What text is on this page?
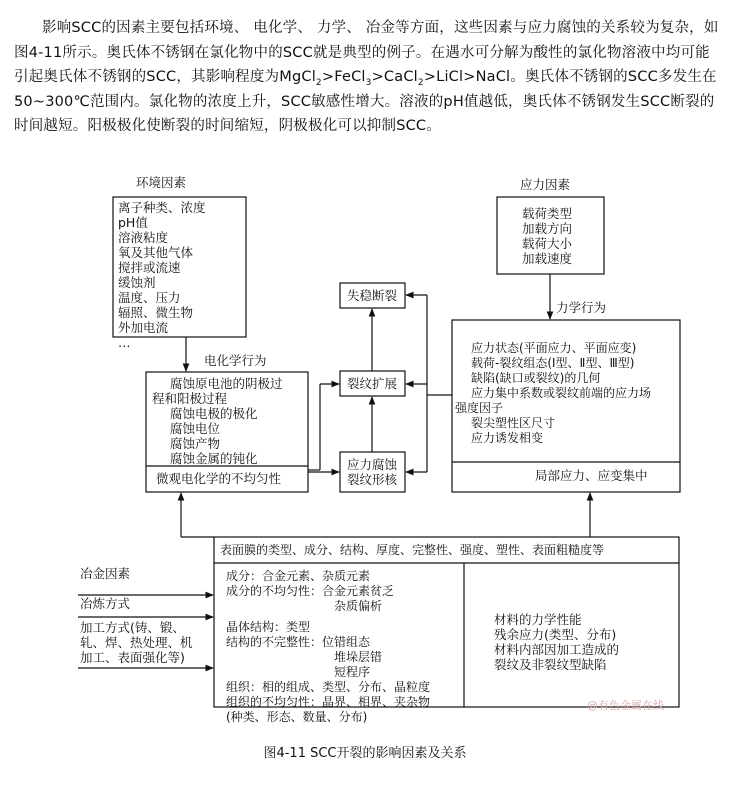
影响SCC的因素主要包括环境、 电化学、 力学、 冶金等方面，这些因素与应力腐蚀的关系较为复杂，如图4-11所示。奥氏体不锈钢在氯化物中的SCC就是典型的例子。在遇水可分解为酸性的氯化物溶液中均可能引起奥氏体不锈钢的SCC，其影响程度为MgCl$_2$>FeCl$_3$>CaCl$_2$>LiCl>NaCl。奥氏体不锈钢的SCC多发生在50~300℃范围内。氯化物的浓度上升，SCC敏感性增大。溶液的pH值越低，奥氏体不锈钢发生SCC断裂的时间越短。阳极极化使断裂的时间缩短，阴极极化可以抑制SCC。
环境因素
离子种类、浓度
pH值
溶液粘度
氧及其他气体
搅拌或流速
缓蚀剂
温度、压力
辐照、微生物
外加电流
…
电化学行为
腐蚀原电池的阴极过
程和阳极过程
腐蚀电极的极化
腐蚀电位
腐蚀产物
腐蚀金属的钝化
微观电化学的不均匀性
失稳断裂
裂纹扩展
应力腐蚀
裂纹形核
应力因素
载荷类型
加载方向
载荷大小
加载速度
力学行为
应力状态(平面应力、平面应变)
载荷-裂纹组态(Ⅰ型、Ⅱ型、Ⅲ型)
缺陷(缺口或裂纹)的几何
应力集中系数或裂纹前端的应力场
强度因子
裂尖塑性区尺寸
应力诱发相变
局部应力、应变集中
表面膜的类型、成分、结构、厚度、完整性、强度、塑性、表面粗糙度等
冶金因素
冶炼方式
加工方式(铸、锻、
轧、焊、热处理、机
加工、表面强化等)
成分：合金元素、杂质元素
成分的不均匀性：合金元素贫乏
杂质偏析
晶体结构：类型
结构的不完整性：位错组态
堆垛层错
短程序
组织：相的组成、类型、分布、晶粒度
组织的不均匀性：晶界、相界、夹杂物
(种类、形态、数量、分布)
材料的力学性能
残余应力(类型、分布)
材料内部因加工造成的
裂纹及非裂纹型缺陷
@有色金属在线
图4-11 SCC开裂的影响因素及关系
